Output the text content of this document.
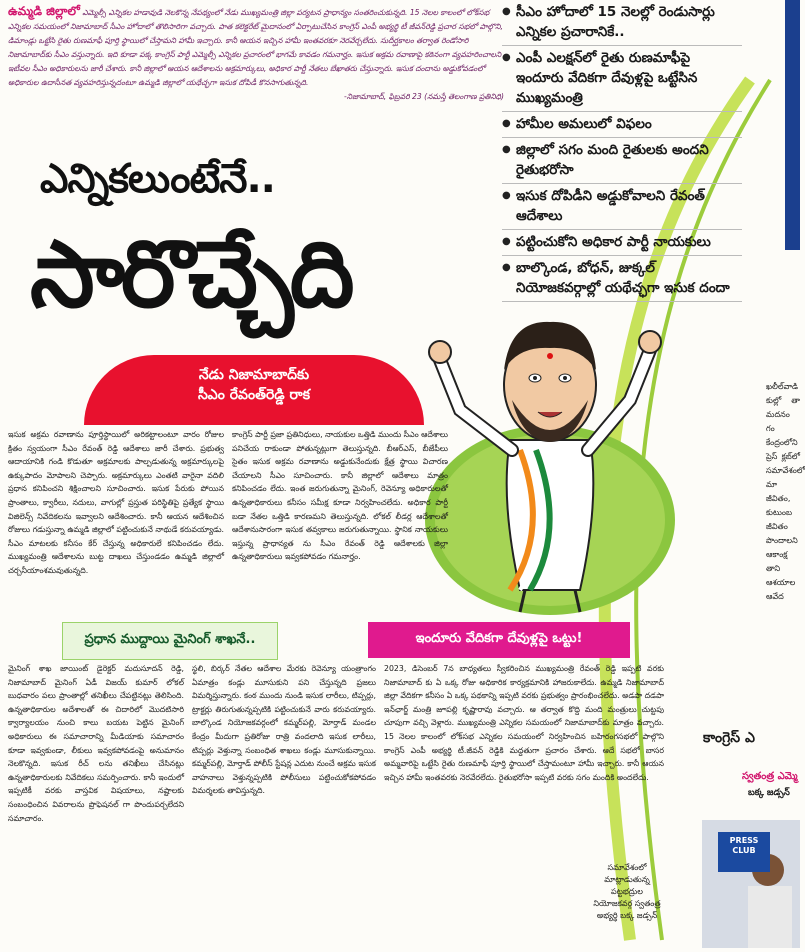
ఉమ్మడి జిల్లాలో ఎమ్మెల్సీ ఎన్నికల హడావుడి నెలకొన్న నేపథ్యంలో నేడు ముఖ్యమంత్రి జిల్లా పర్యటన ప్రాధాన్యం సంతరించుకున్నది. 15 నెలల కాలంలో లోక్‌సభ ఎన్నికల సమయంలో నిజామాబాద్ సీఎం హోదాలో తొలిసారిగా వచ్చారు. పాత కలెక్టరేట్ మైదానంలో ఏర్పాటుచేసిన కాంగ్రెస్ ఎంపీ అభ్యర్థి టీ జీవన్‌రెడ్డి ప్రచార సభలో పాల్గొని, డిమాండ్లు ఒట్టేసి రైతు రుణమాఫీ పూర్తి స్థాయిలో చేస్తామని హామీ ఇచ్చారు. కానీ ఆయన ఇచ్చిన హామీ ఇంతవరకూ నెరవేర్చలేదు. సుదీర్ఘకాలం తర్వాత రెండోసారి నిజామాబాద్‌కు సీఎం వస్తున్నారు. ఇది కూడా పక్క కాంగ్రెస్ పార్టీ ఎమ్మెల్సీ ఎన్నికల ప్రచారంలో భాగమే కావడం గమనార్హం. ఇసుక అక్రమ రవాణాపై కఠినంగా వ్యవహరించాలని ఇటీవల సీఎం అధికారులను జారీ చేశారు. కానీ జిల్లాలో ఆయన ఆదేశాలను అక్రమార్కులు, అధికార పార్టీ నేతలు బేఖాతరు చేస్తున్నారు. ఇసుక దందాను అడ్డుకోవడంలో అధికారుల ఉదాసీనత వ్యవహరిస్తున్నదంటూ ఉమ్మడి జిల్లాలో యథేచ్ఛగా ఇసుక దోపిడీ కొనసాగుతున్నది.
-నిజామాబాద్, ఫిబ్రవరి 23 (నమస్తే తెలంగాణ ప్రతినిధి)
● సీఎం హోదాలో 15 నెలల్లో రెండుసార్లు ఎన్నికల ప్రచారానికే..
● ఎంపీ ఎలక్షన్‌లో రైతు రుణమాఫీపై ఇందూరు వేదికగా దేవుళ్లపై ఒట్టేసిన ముఖ్యమంత్రి
● హామీల అమలులో విఫలం
● జిల్లాలో సగం మంది రైతులకు అందని రైతుభరోసా
● ఇసుక దోపిడీని అడ్డుకోవాలని రేవంత్ ఆదేశాలు
● పట్టించుకోని అధికార పార్టీ నాయకులు
● బాల్కొండ, బోధన్, జుక్కల్ నియోజకవర్గాల్లో యథేచ్ఛగా ఇసుక దందా
ఎన్నికలుంటేనే..
సారొచ్చేది
నేడు నిజామాబాద్‌కు
సీఎం రేవంత్‌రెడ్డి రాక
ఇసుక అక్రమ రవాణాను పూర్తిస్థాయిలో అరికట్టాలంటూ వారం రోజుల క్రితం స్వయంగా సీఎం రేవంత్ రెడ్డి ఆదేశాలు జారీ చేశారు. ప్రభుత్వ ఆదాయానికి గండి కొడుతూ అక్రమాలకు పాల్పడుతున్న అక్రమార్కులపై ఉక్కుపాదం మోపాలని చెప్పారు. అక్రమార్కులు ఎంతటి వారైనా వదిలి ప్రధాన కనిపించని శిక్షించాలని సూచించారు. ఇసుక పేరుకు పోయిన ప్రాంతాలు, క్వారీలు, నదులు, వాగుల్లో ప్రస్తుత పరిస్థితిపై ప్రత్యేక స్థాయి విజిలెన్స్ నివేదికలను ఇవ్వాలని ఆదేశించారు. కానీ ఆయన ఆదేశించిన రోజులు గడుస్తున్నా ఉమ్మడి జిల్లాలో పట్టించుకునే నాథుడే కరువయ్యాడు. సీఎం మాటలకు కనీసం కేర్ చేస్తున్న అధికారులే కనిపించడం లేదు. ముఖ్యమంత్రి ఆదేశాలను బుట్ట దాఖలు చేస్తుండడం ఉమ్మడి జిల్లాలో చర్చనీయాంశమవుతున్నది.
కాంగ్రెస్ పార్టీ ప్రజా ప్రతినిధులు, నాయకుల ఒత్తిడి ముందు సీఎం ఆదేశాలు పనిచేయ రాకుండా పోతున్నట్లుగా తెలుస్తున్నది. బీఆర్ఎస్, బీజేపీలు సైతం ఇసుక అక్రమ రవాణాను అడ్డుకునేందుకు క్షేత్ర స్థాయి విచారణ చేయాలని సీఎం సూచించారు. కానీ జిల్లాలో ఆదేశాలు మాత్రం కనిపించడం లేదు. ఇంత జరుగుతున్నా మైనింగ్, రెవెన్యూ అధికారులతో ఉన్నతాధికారులు కనీసం సమీక్ష కూడా నిర్వహించలేదు. అధికార పార్టీ బడా నేతల ఒత్తిడి కారణమని తెలుస్తున్నది. లోకల్ లీడర్ల ఆదేశాలతో ఆదేశానుసారంగా ఇసుక తవ్వకాలు జరుగుతున్నాయి. స్థానిక నాయకులు ఇస్తున్న ప్రాధాన్యత ను సీఎం రేవంత్ రెడ్డి ఆదేశాలకు జిల్లా ఉన్నతాధికారులు ఇవ్వకపోవడం గమనార్హం.
ప్రధాన ముద్దాయి మైనింగ్ శాఖనే..	ఇందూరు వేదికగా దేవుళ్లపై ఒట్టు!
మైనింగ్ శాఖ జాయింట్ డైరెక్టర్ మదుసూదన్ రెడ్డి, నిజామాబాద్ మైనింగ్ ఏడీ విజయ్ కుమార్ లోకల్ బుధవారం పలు ప్రాంతాల్లో తనిఖీలు చేపట్టినట్లు తెలిసింది. ఉన్నతాధికారుల అదేశాలతో ఈ చిదారిలో మొదటిసారి క్వార్యాలయం నుంచి కాలు బయట పెట్టిన మైనింగ్ అధికారులు ఈ సమాచారాన్ని మీడియాకు సమాచారం కూడా ఇవ్వకుండా, లీకులు ఇవ్వకపోవడంపై అనుమానం నెలకొన్నది. ఇసుక రీచ్ లను తనిఖీలు చేసినట్లు ఉన్నతాధికారులకు నివేదికలు సమర్పించారు. కానీ ఇందులో ఇప్పటికీ వరకు వాస్తవిక విషయాలు, నష్టాలకు సంబంధించిన వివరాలను ప్రొఫెషనల్ గా పొందుపర్చలేదని సమాచారం.
స్థలి, బిర్కర్ నేతల ఆదేశాల మేరకు రెవెన్యూ యంత్రాంగం ఏమాత్రం కండ్లు మూసుకుని పని చేస్తున్నది ప్రజలు విమర్శిస్తున్నారు. కంఠ ముందు నుండి ఇసుక లారీలు, టిప్పర్లు, ట్రాక్టర్లు తిరుగుతున్నప్పటికి పట్టించుకునే వారు కరువయ్యారు. బాల్కొండ నియోజకవర్గంలో కమ్మర్‌పల్లి, మోర్తాడ్ మండల కేంద్రం మీదుగా ప్రతిరోజు రాత్రి వందలాది ఇసుక లారీలు, టిప్పర్లు వెళ్తున్నా సంబంధిత శాఖలు కండ్లు మూసుకున్నాయి. కమ్మర్‌పల్లి, మోర్తాడ్ పోలీస్ స్టేషన్ల ఎదుట నుంచే అక్రమ ఇసుక వాహనాలు వెళ్తున్నప్పటికి పోలీసులు పట్టించుకోకపోవడం విమర్శలకు తావిస్తున్నది.
2023, డిసెంబర్ 7న బాధ్యతలు స్వీకరించిన ముఖ్యమంత్రి రేవంత్ రెడ్డి ఇప్పటి వరకు నిజామాబాద్ కు ఏ ఒక్క రోజు అధికారిక కార్యక్రమానికి హాజరుకాలేదు. ఉమ్మడి నిజామాబాద్ జిల్లా వేదికగా కనీసం ఏ ఒక్క పథకాన్ని ఇప్పటి వరకు ప్రభుత్వం ప్రారంభించలేదు. అడపా దడపా ఇన్‌ఛార్జ్ మంత్రి జూపల్లి కృష్ణారావు వచ్చారు. ఆ తర్వాత కొద్ది మంది మంత్రులు చుట్టపు చూపుగా వచ్చి వెళ్లారు. ముఖ్యమంత్రి ఎన్నికల సమయంలో నిజామాబాద్‌కు మాత్రం వచ్చారు. 15 నెలల కాలంలో లోక్‌సభ ఎన్నికల సమయంలో నిర్వహించిన బహిరంగసభలో పాల్గొని కాంగ్రెస్ ఎంపీ అభ్యర్థి టీ.జీవన్ రెడ్డికి మద్దతుగా ప్రచారం చేశారు. ఆదే సభలో బాసర అమ్మవారిపై ఒట్టేసి రైతు రుణమాఫీ పూర్తి స్థాయిలో చేస్తామంటూ హామీ ఇచ్చారు. కానీ ఆయన ఇచ్చిన హామీ ఇంతవరకు నెరవేరలేదు. రైతుభరోసా ఇప్పటి వరకు సగం మందికి అందలేదు.
ఖలీల్‌వాడి కుల్లో తా మదనం గం కేంద్రంలోని ప్రెస్ క్లబ్‌లో సమావేశంలో మా జీవితం, కుటుంబ జీవితం పొందాలని ఆకాంక్ష తాని ఆశయాల ఆవేద
కాంగ్రెస్ ఎ
స్వతంత్ర ఎమ్మె
బక్క జడ్సన్
PRESS CLUB
సమావేశంలో మాట్లాడుతున్న పట్టభద్రుల నియోజకవర్గ స్వతంత్ర అభ్యర్థి బక్క జడ్సన్
